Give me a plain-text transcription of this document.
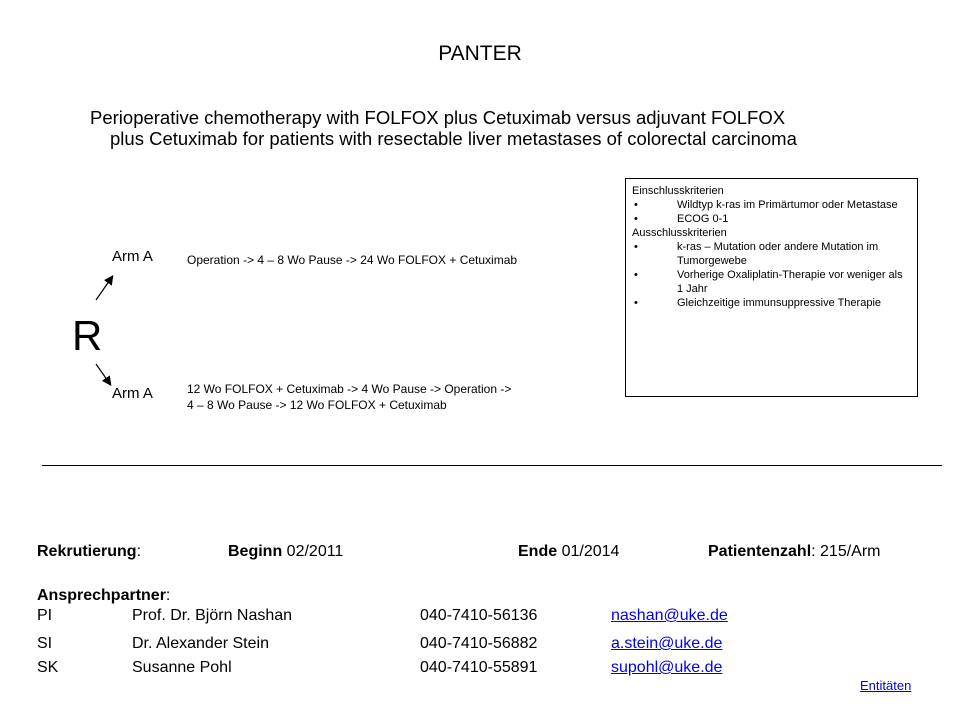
PANTER
Perioperative chemotherapy with FOLFOX plus Cetuximab versus adjuvant FOLFOX
plus Cetuximab for patients with resectable liver metastases of colorectal carcinoma
R
Arm A	Operation -> 4 – 8 Wo Pause -> 24 Wo FOLFOX + Cetuximab
Arm A	12 Wo FOLFOX + Cetuximab -> 4 Wo Pause -> Operation ->
4 – 8 Wo Pause -> 12 Wo FOLFOX + Cetuximab
Einschlusskriterien
• Wildtyp k-ras im Primärtumor oder Metastase
• ECOG 0-1
Ausschlusskriterien
• k-ras – Mutation oder andere Mutation im Tumorgewebe
• Vorherige Oxaliplatin-Therapie vor weniger als 1 Jahr
• Gleichzeitige immunsuppressive Therapie
Rekrutierung:	Beginn 02/2011	Ende 01/2014	Patientenzahl: 215/Arm
Ansprechpartner:
PI	Prof. Dr. Björn Nashan	040-7410-56136	nashan@uke.de
SI	Dr. Alexander Stein	040-7410-56882	a.stein@uke.de
SK	Susanne Pohl	040-7410-55891	supohl@uke.de
Entitäten
